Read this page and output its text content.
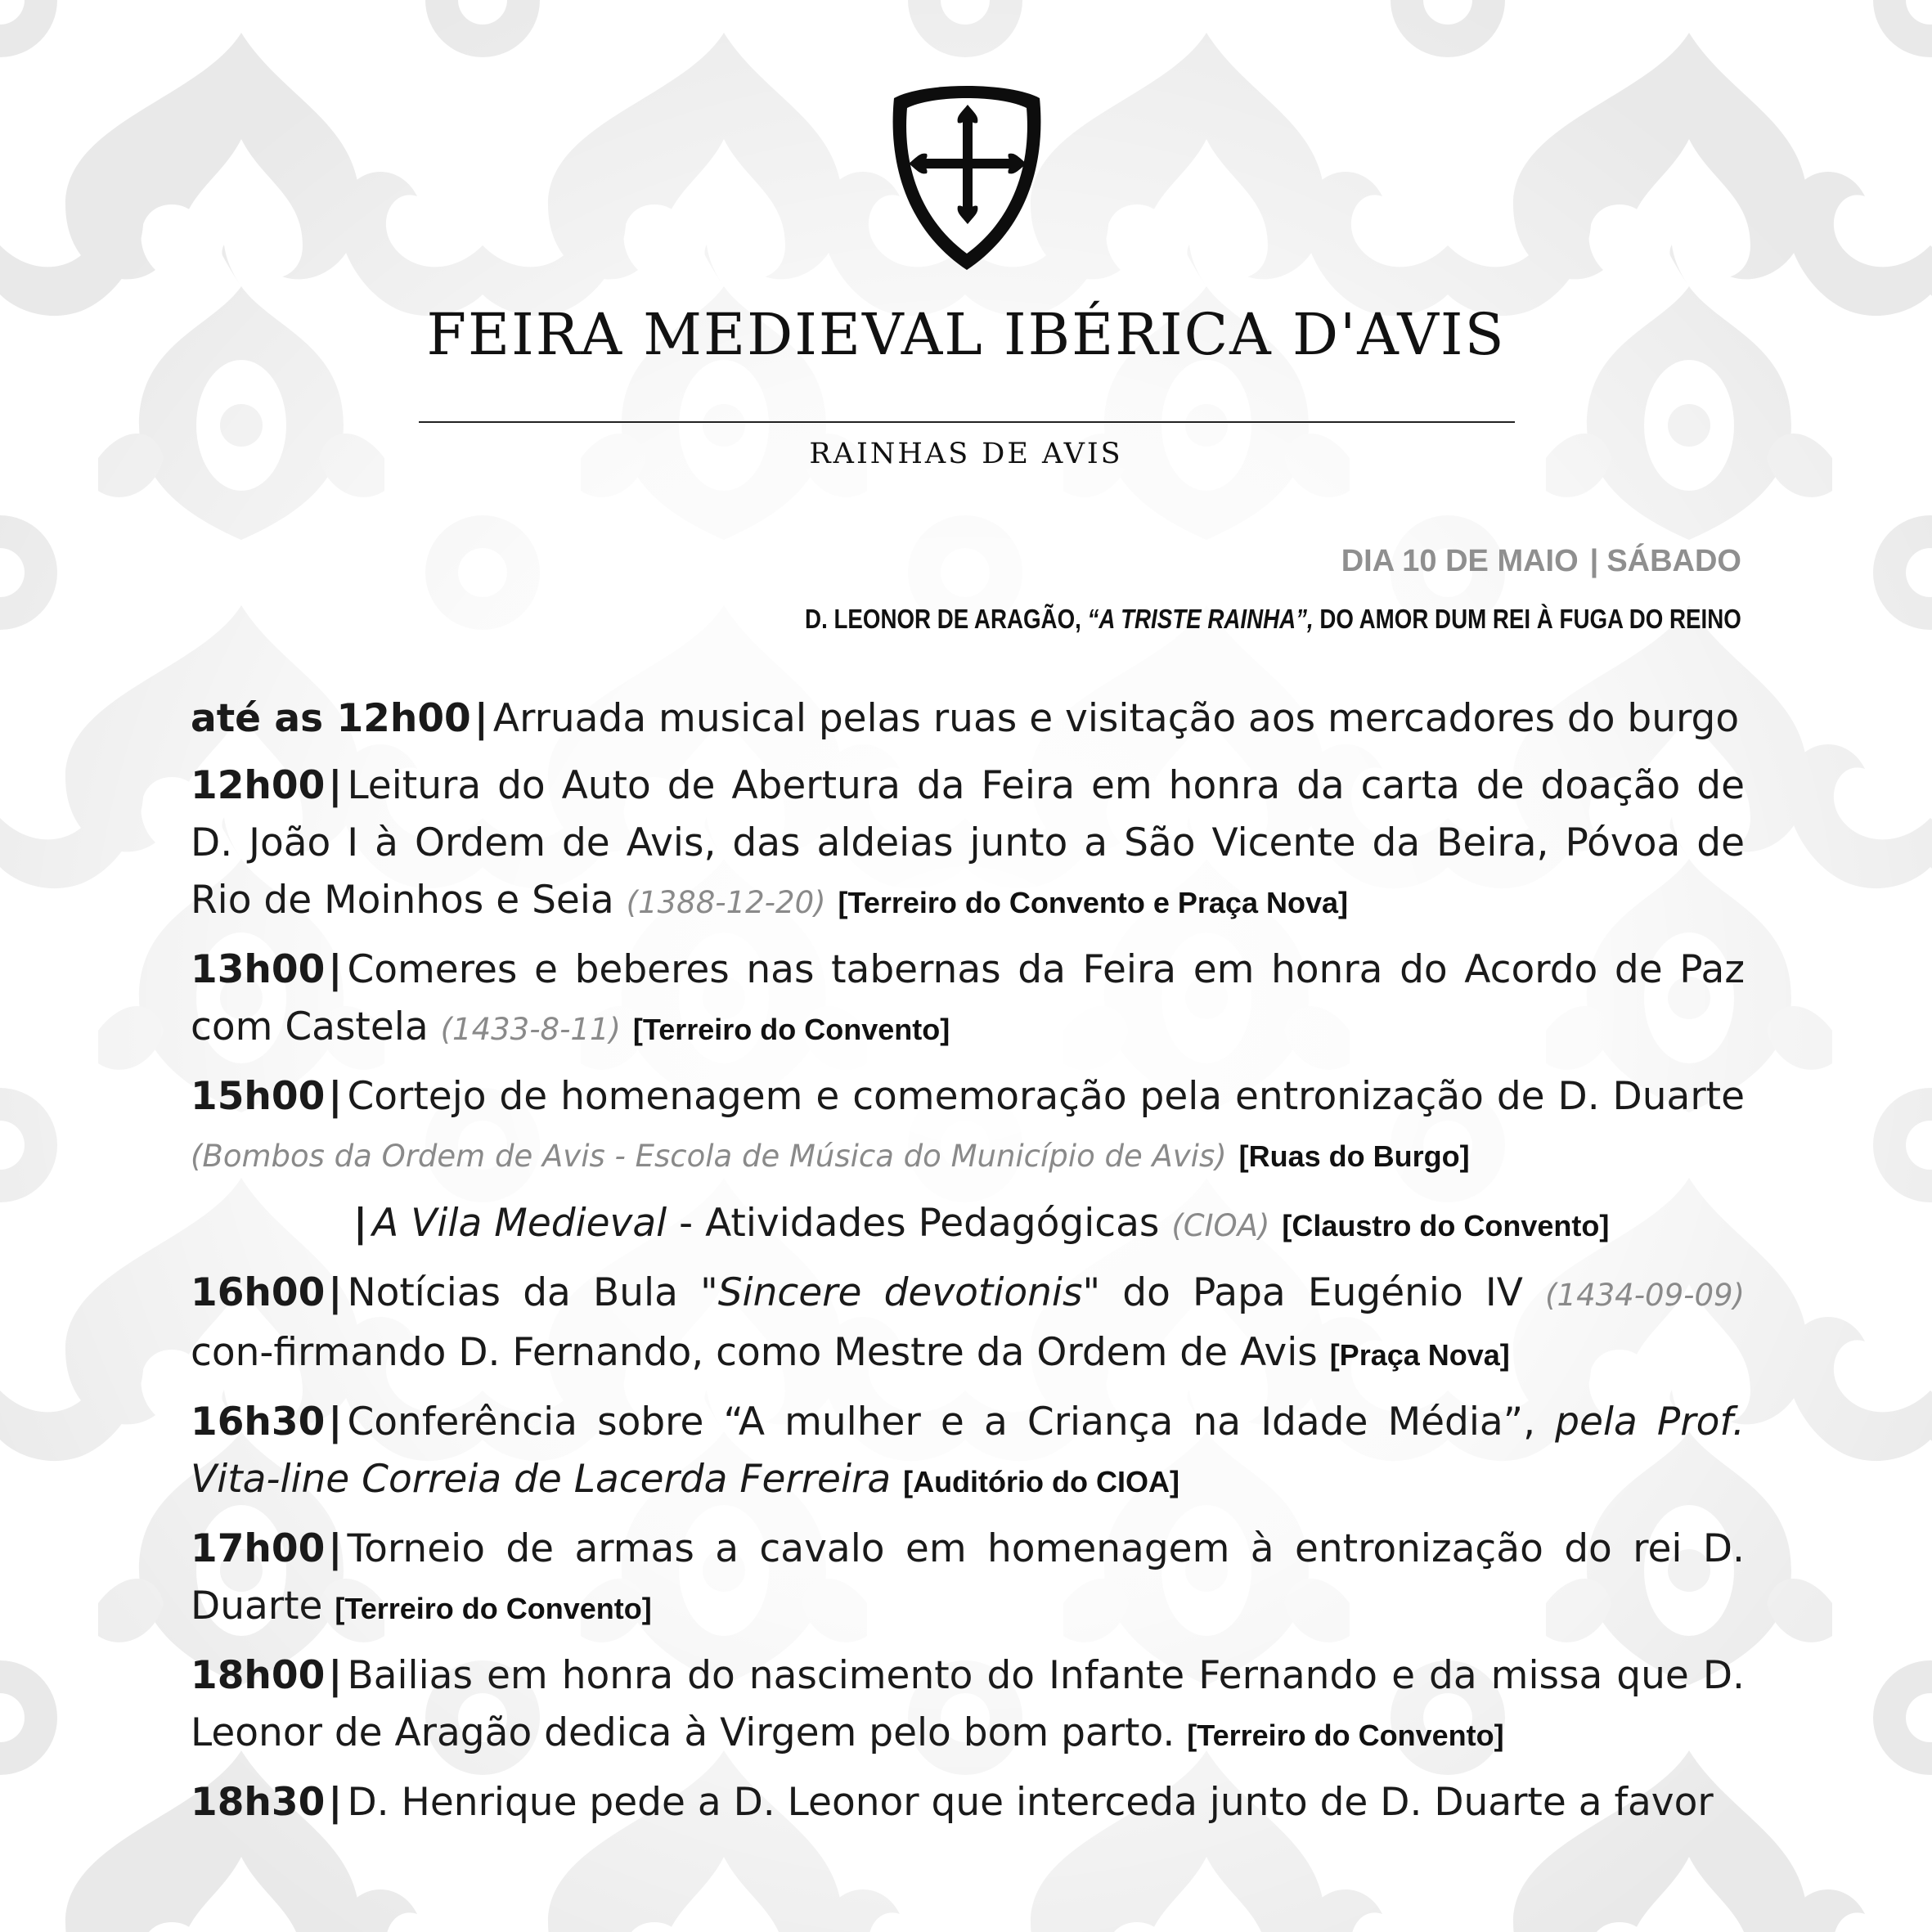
FEIRA MEDIEVAL IBÉRICA D'AVIS
RAINHAS DE AVIS
DIA 10 DE MAIO | SÁBADO
D. LEONOR DE ARAGÃO, “A TRISTE RAINHA”, DO AMOR DUM REI À FUGA DO REINO
até as 12h00| Arruada musical pelas ruas e visitação aos mercadores do burgo
12h00| Leitura do Auto de Abertura da Feira em honra da carta de doação de D. João I à Ordem de Avis, das aldeias junto a São Vicente da Beira, Póvoa de Rio de Moinhos e Seia (1388-12-20) [Terreiro do Convento e Praça Nova]
13h00| Comeres e beberes nas tabernas da Feira em honra do Acordo de Paz com Castela (1433-8-11) [Terreiro do Convento]
15h00| Cortejo de homenagem e comemoração pela entronização de D. Duarte (Bombos da Ordem de Avis - Escola de Música do Município de Avis) [Ruas do Burgo]
| A Vila Medieval - Atividades Pedagógicas (CIOA) [Claustro do Convento]
16h00| Notícias da Bula "Sincere devotionis" do Papa Eugénio IV (1434-09-09) con-firmando D. Fernando, como Mestre da Ordem de Avis [Praça Nova]
16h30| Conferência sobre “A mulher e a Criança na Idade Média”, pela Prof. Vita-line Correia de Lacerda Ferreira [Auditório do CIOA]
17h00| Torneio de armas a cavalo em homenagem à entronização do rei D. Duarte [Terreiro do Convento]
18h00| Bailias em honra do nascimento do Infante Fernando e da missa que D. Leonor de Aragão dedica à Virgem pelo bom parto. [Terreiro do Convento]
18h30| D. Henrique pede a D. Leonor que interceda junto de D. Duarte a favor
